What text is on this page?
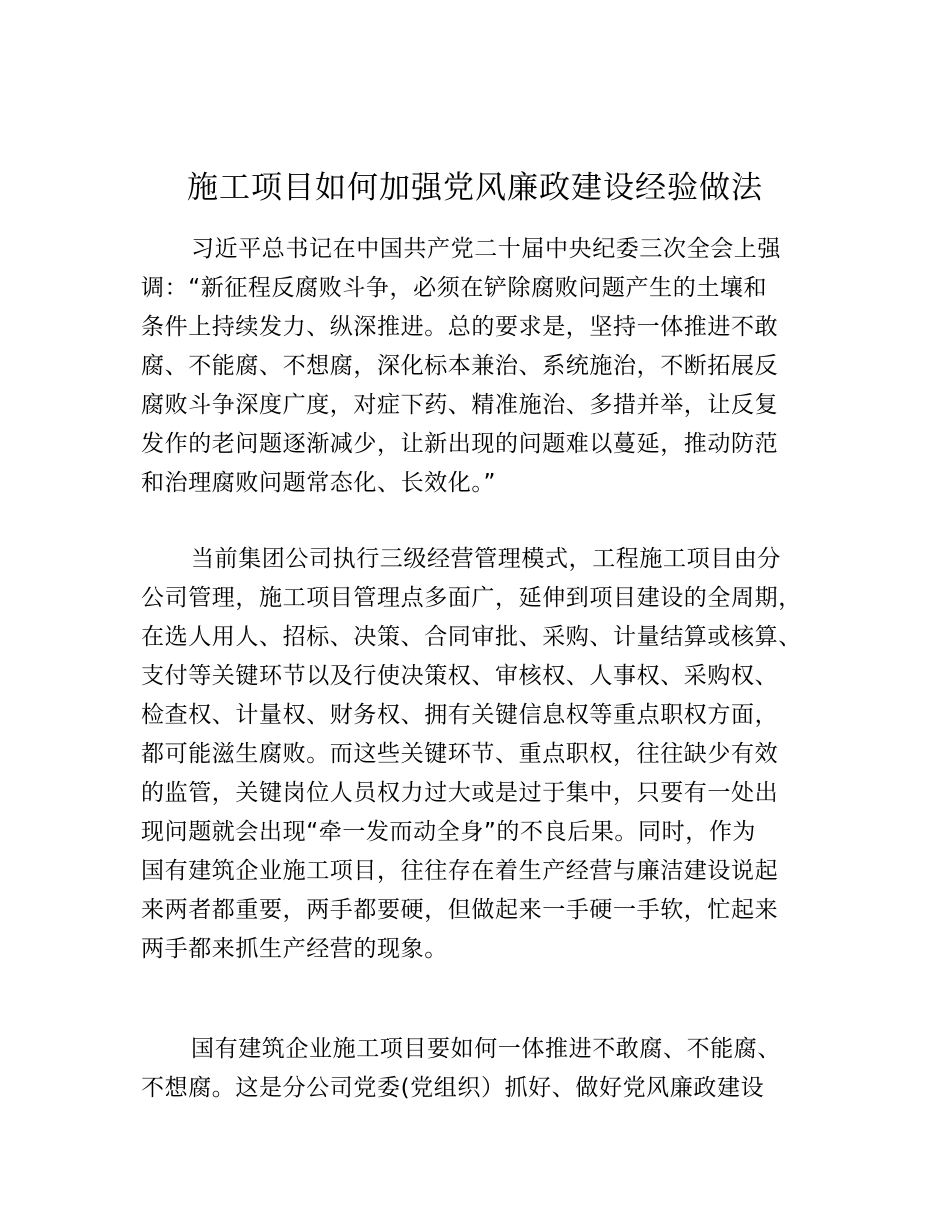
施工项目如何加强党风廉政建设经验做法
习近平总书记在中国共产党二十届中央纪委三次全会上强
调：“新征程反腐败斗争，必须在铲除腐败问题产生的土壤和
条件上持续发力、纵深推进。总的要求是，坚持一体推进不敢
腐、不能腐、不想腐，深化标本兼治、系统施治，不断拓展反
腐败斗争深度广度，对症下药、精准施治、多措并举，让反复
发作的老问题逐渐减少，让新出现的问题难以蔓延，推动防范
和治理腐败问题常态化、长效化。”
当前集团公司执行三级经营管理模式，工程施工项目由分
公司管理，施工项目管理点多面广，延伸到项目建设的全周期，
在选人用人、招标、决策、合同审批、采购、计量结算或核算、
支付等关键环节以及行使决策权、审核权、人事权、采购权、
检查权、计量权、财务权、拥有关键信息权等重点职权方面，
都可能滋生腐败。而这些关键环节、重点职权，往往缺少有效
的监管，关键岗位人员权力过大或是过于集中，只要有一处出
现问题就会出现“牵一发而动全身”的不良后果。同时，作为
国有建筑企业施工项目，往往存在着生产经营与廉洁建设说起
来两者都重要，两手都要硬，但做起来一手硬一手软，忙起来
两手都来抓生产经营的现象。
国有建筑企业施工项目要如何一体推进不敢腐、不能腐、
不想腐。这是分公司党委(党组织）抓好、做好党风廉政建设
